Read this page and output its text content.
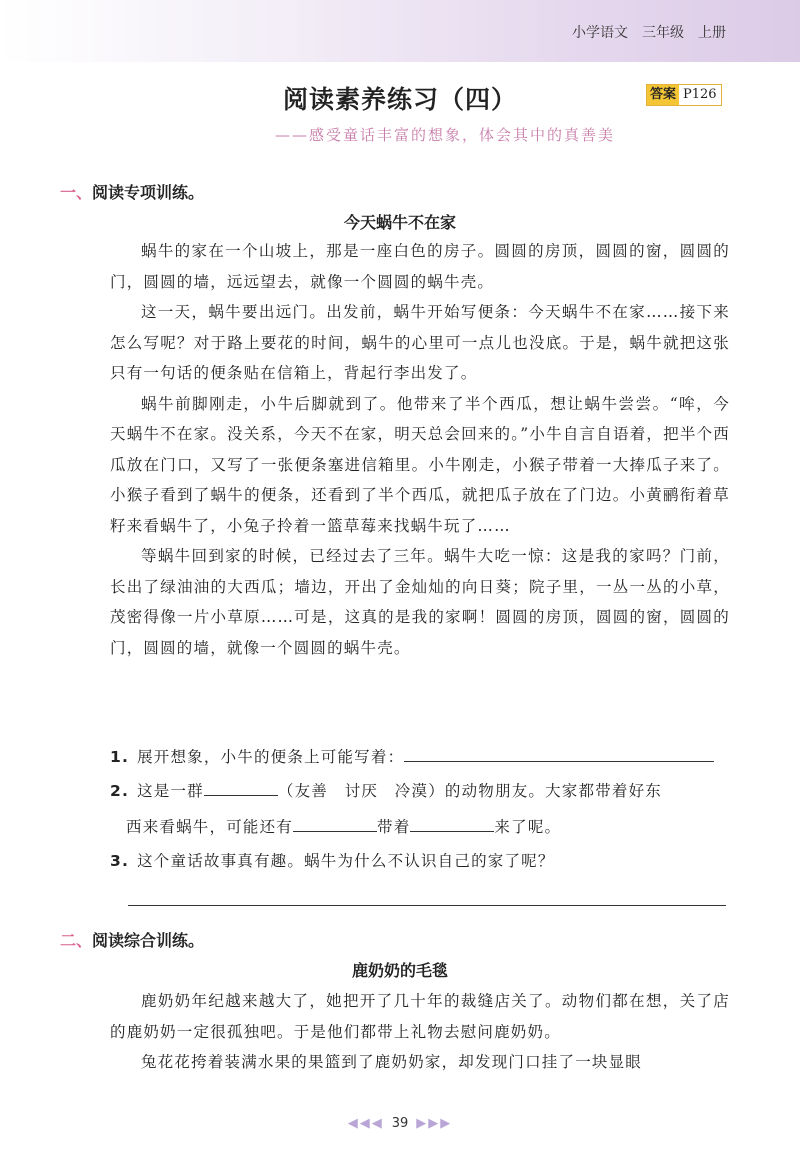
小学语文　三年级　上册
阅读素养练习（四）	答案 P126
——感受童话丰富的想象，体会其中的真善美
一、阅读专项训练。
今天蜗牛不在家

蜗牛的家在一个山坡上，那是一座白色的房子。圆圆的房顶，圆圆的窗，圆圆的门，圆圆的墙，远远望去，就像一个圆圆的蜗牛壳。

这一天，蜗牛要出远门。出发前，蜗牛开始写便条：今天蜗牛不在家……接下来怎么写呢？对于路上要花的时间，蜗牛的心里可一点儿也没底。于是，蜗牛就把这张只有一句话的便条贴在信箱上，背起行李出发了。

蜗牛前脚刚走，小牛后脚就到了。他带来了半个西瓜，想让蜗牛尝尝。“哞，今天蜗牛不在家。没关系，今天不在家，明天总会回来的。”小牛自言自语着，把半个西瓜放在门口，又写了一张便条塞进信箱里。小牛刚走，小猴子带着一大捧瓜子来了。小猴子看到了蜗牛的便条，还看到了半个西瓜，就把瓜子放在了门边。小黄鹂衔着草籽来看蜗牛了，小兔子拎着一篮草莓来找蜗牛玩了……

等蜗牛回到家的时候，已经过去了三年。蜗牛大吃一惊：这是我的家吗？门前，长出了绿油油的大西瓜；墙边，开出了金灿灿的向日葵；院子里，一丛一丛的小草，茂密得像一片小草原……可是，这真的是我的家啊！圆圆的房顶，圆圆的窗，圆圆的门，圆圆的墙，就像一个圆圆的蜗牛壳。

1. 展开想象，小牛的便条上可能写着：
2. 这是一群	（友善　讨厌　冷漠）的动物朋友。大家都带着好东
西来看蜗牛，可能还有	带着	来了呢。
3. 这个童话故事真有趣。蜗牛为什么不认识自己的家了呢？
二、阅读综合训练。
鹿奶奶的毛毯

鹿奶奶年纪越来越大了，她把开了几十年的裁缝店关了。动物们都在想，关了店的鹿奶奶一定很孤独吧。于是他们都带上礼物去慰问鹿奶奶。

兔花花挎着装满水果的果篮到了鹿奶奶家，却发现门口挂了一块显眼

◀◀◀ 39 ▶▶▶
